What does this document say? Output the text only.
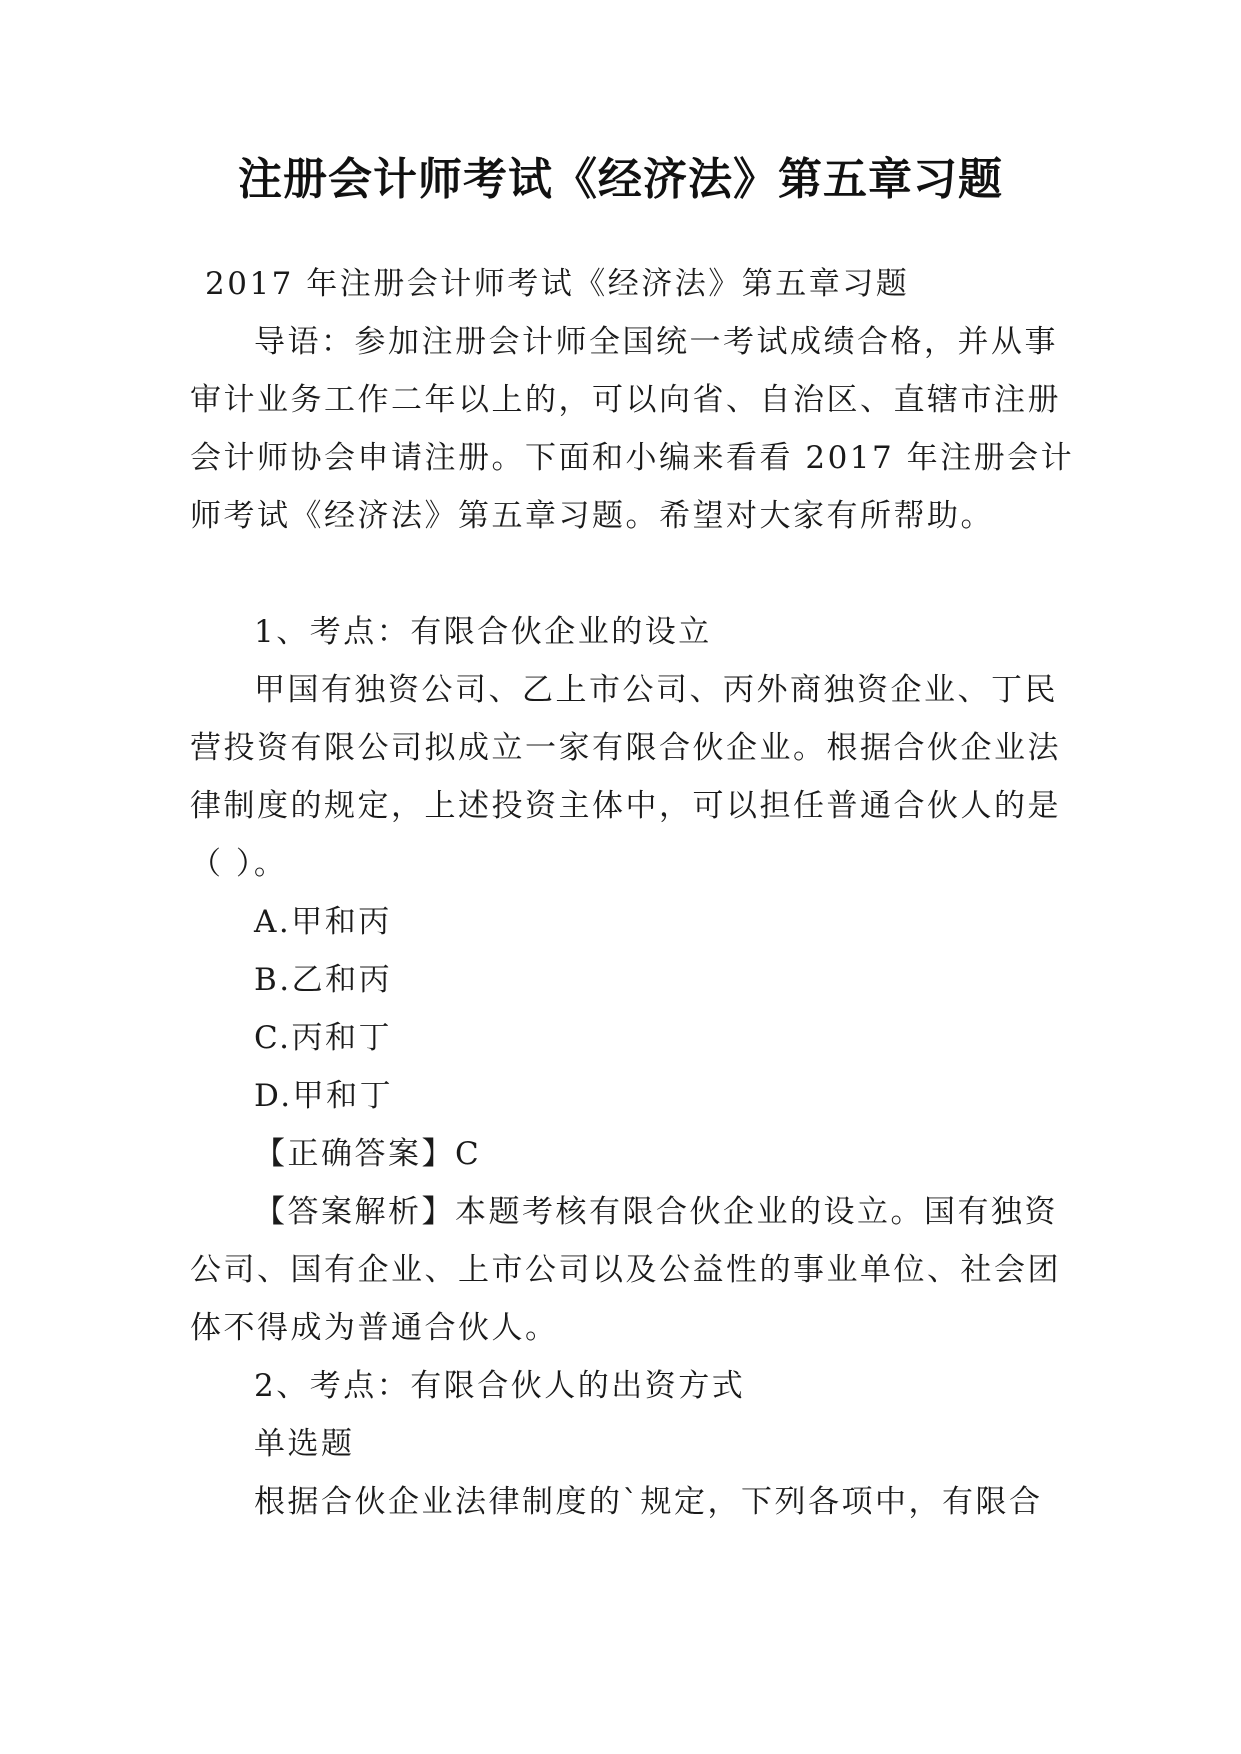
注册会计师考试《经济法》第五章习题
2017 年注册会计师考试《经济法》第五章习题
导语：参加注册会计师全国统一考试成绩合格，并从事
审计业务工作二年以上的，可以向省、自治区、直辖市注册
会计师协会申请注册。下面和小编来看看 2017 年注册会计
师考试《经济法》第五章习题。希望对大家有所帮助。
1、考点：有限合伙企业的设立
甲国有独资公司、乙上市公司、丙外商独资企业、丁民
营投资有限公司拟成立一家有限合伙企业。根据合伙企业法
律制度的规定，上述投资主体中，可以担任普通合伙人的是
（ ）。
A.甲和丙
B.乙和丙
C.丙和丁
D.甲和丁
【正确答案】C
【答案解析】本题考核有限合伙企业的设立。国有独资
公司、国有企业、上市公司以及公益性的事业单位、社会团
体不得成为普通合伙人。
2、考点：有限合伙人的出资方式
单选题
根据合伙企业法律制度的`规定，下列各项中，有限合
